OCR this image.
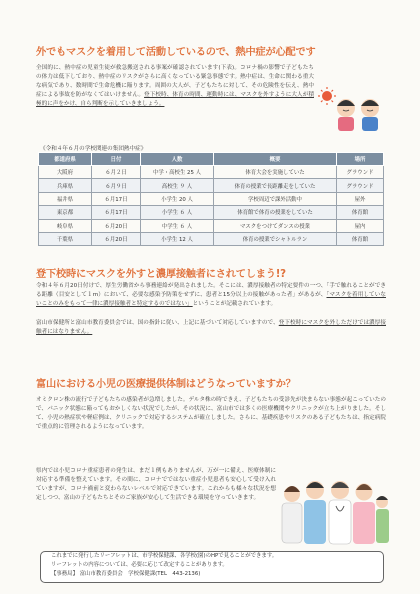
外でもマスクを着用して活動しているので、熱中症が心配です
全国的に、熱中症の児童生徒が救急搬送される事案が確認されています(下表)。コロナ禍の影響で子どもたちの体力は低下しており、熱中症のリスクがさらに高くなっている緊急事態です。熱中症は、生命に関わる重大な病気であり、数時間で生命危機に陥ります。周囲の大人が、子どもたちに対して、その危険性を伝え、熱中症による事故を防がなくてはいけません。登下校時、体育の時間、運動時には、マスクを外すように大人が積極的に声をかけ、自ら判断を示していきましょう。
《令和４年６月の学校関連の集団熱中症》
都道府県	日付	人数	概要	場所
大阪府	６月２日	中学・高校生 25 人	体育大会を実施していた	グラウンド
兵庫県	６月９日	高校生 ９ 人	体育の授業で長距離走をしていた	グラウンド
福井県	６月17日	小学生 20 人	学校周辺で課外活動中	屋外
東京都	６月17日	小学生 ６ 人	体育館で体育の授業をしていた	体育館
岐阜県	６月20日	中学生 ６ 人	マスクをつけてダンスの授業	屋内
千葉県	６月20日	小学生 12 人	体育の授業でシャトルラン	体育館
登下校時にマスクを外すと濃厚接触者にされてしまう!?
令和４年６月20日付けで、厚生労働省から事務連絡が発出されました。そこには、濃厚接触者の特定要件の一つ、「手で触れることができる距離（目安として１m）において、必要な感染予防策をせずに、患者と15分以上の接触があった者」があるが、「マスクを着用していないことのみをもって一律に濃厚接触者と特定するのではない」ということが記載されています。
富山市保健所と富山市教育委員会では、国の指針に従い、上記に基づいて対応していますので、登下校時にマスクを外しただけでは濃厚接触者にはなりません。
富山における小児の医療提供体制はどうなっていますか？
オミクロン株の流行で子どもたちの感染者が急増しました。デルタ株の時できえ、子どもたちの受診先が決まらない事態が起こっていたので、パニック状態に陥ってもおかしくない状況でしたが、その状況に、富山市では多くの医療機関やクリニックが立ち上がりました。そして、小児の熱症状や軽症例は、クリニックで対応するシステムが確立しました。さらに、基礎疾患やリスクのある子どもたちは、指定病院で重点的に管理されるようになっています。
県内では小児コロナ重症患者の発生は、まだ１例もありませんが、万が一に備え、医療体制に対応する準備を整えています。その間に、コロナでではない重症小児患者も安心して受け入れていますが、コロナ禍前と変わらないレベルで対応できています。これからも様々な状況を想定しつつ、富山の子どもたちとそのご家族が安心して生活できる環境を守っていきます。
これまでに発行したリーフレットは、市学校保健課、各学校(園)のHPで見ることができます。
リーフレットの内容については、必要に応じて改定することがあります。
【事務局】 富山市教育委員会　学校保健課(TEL　443-2136)
